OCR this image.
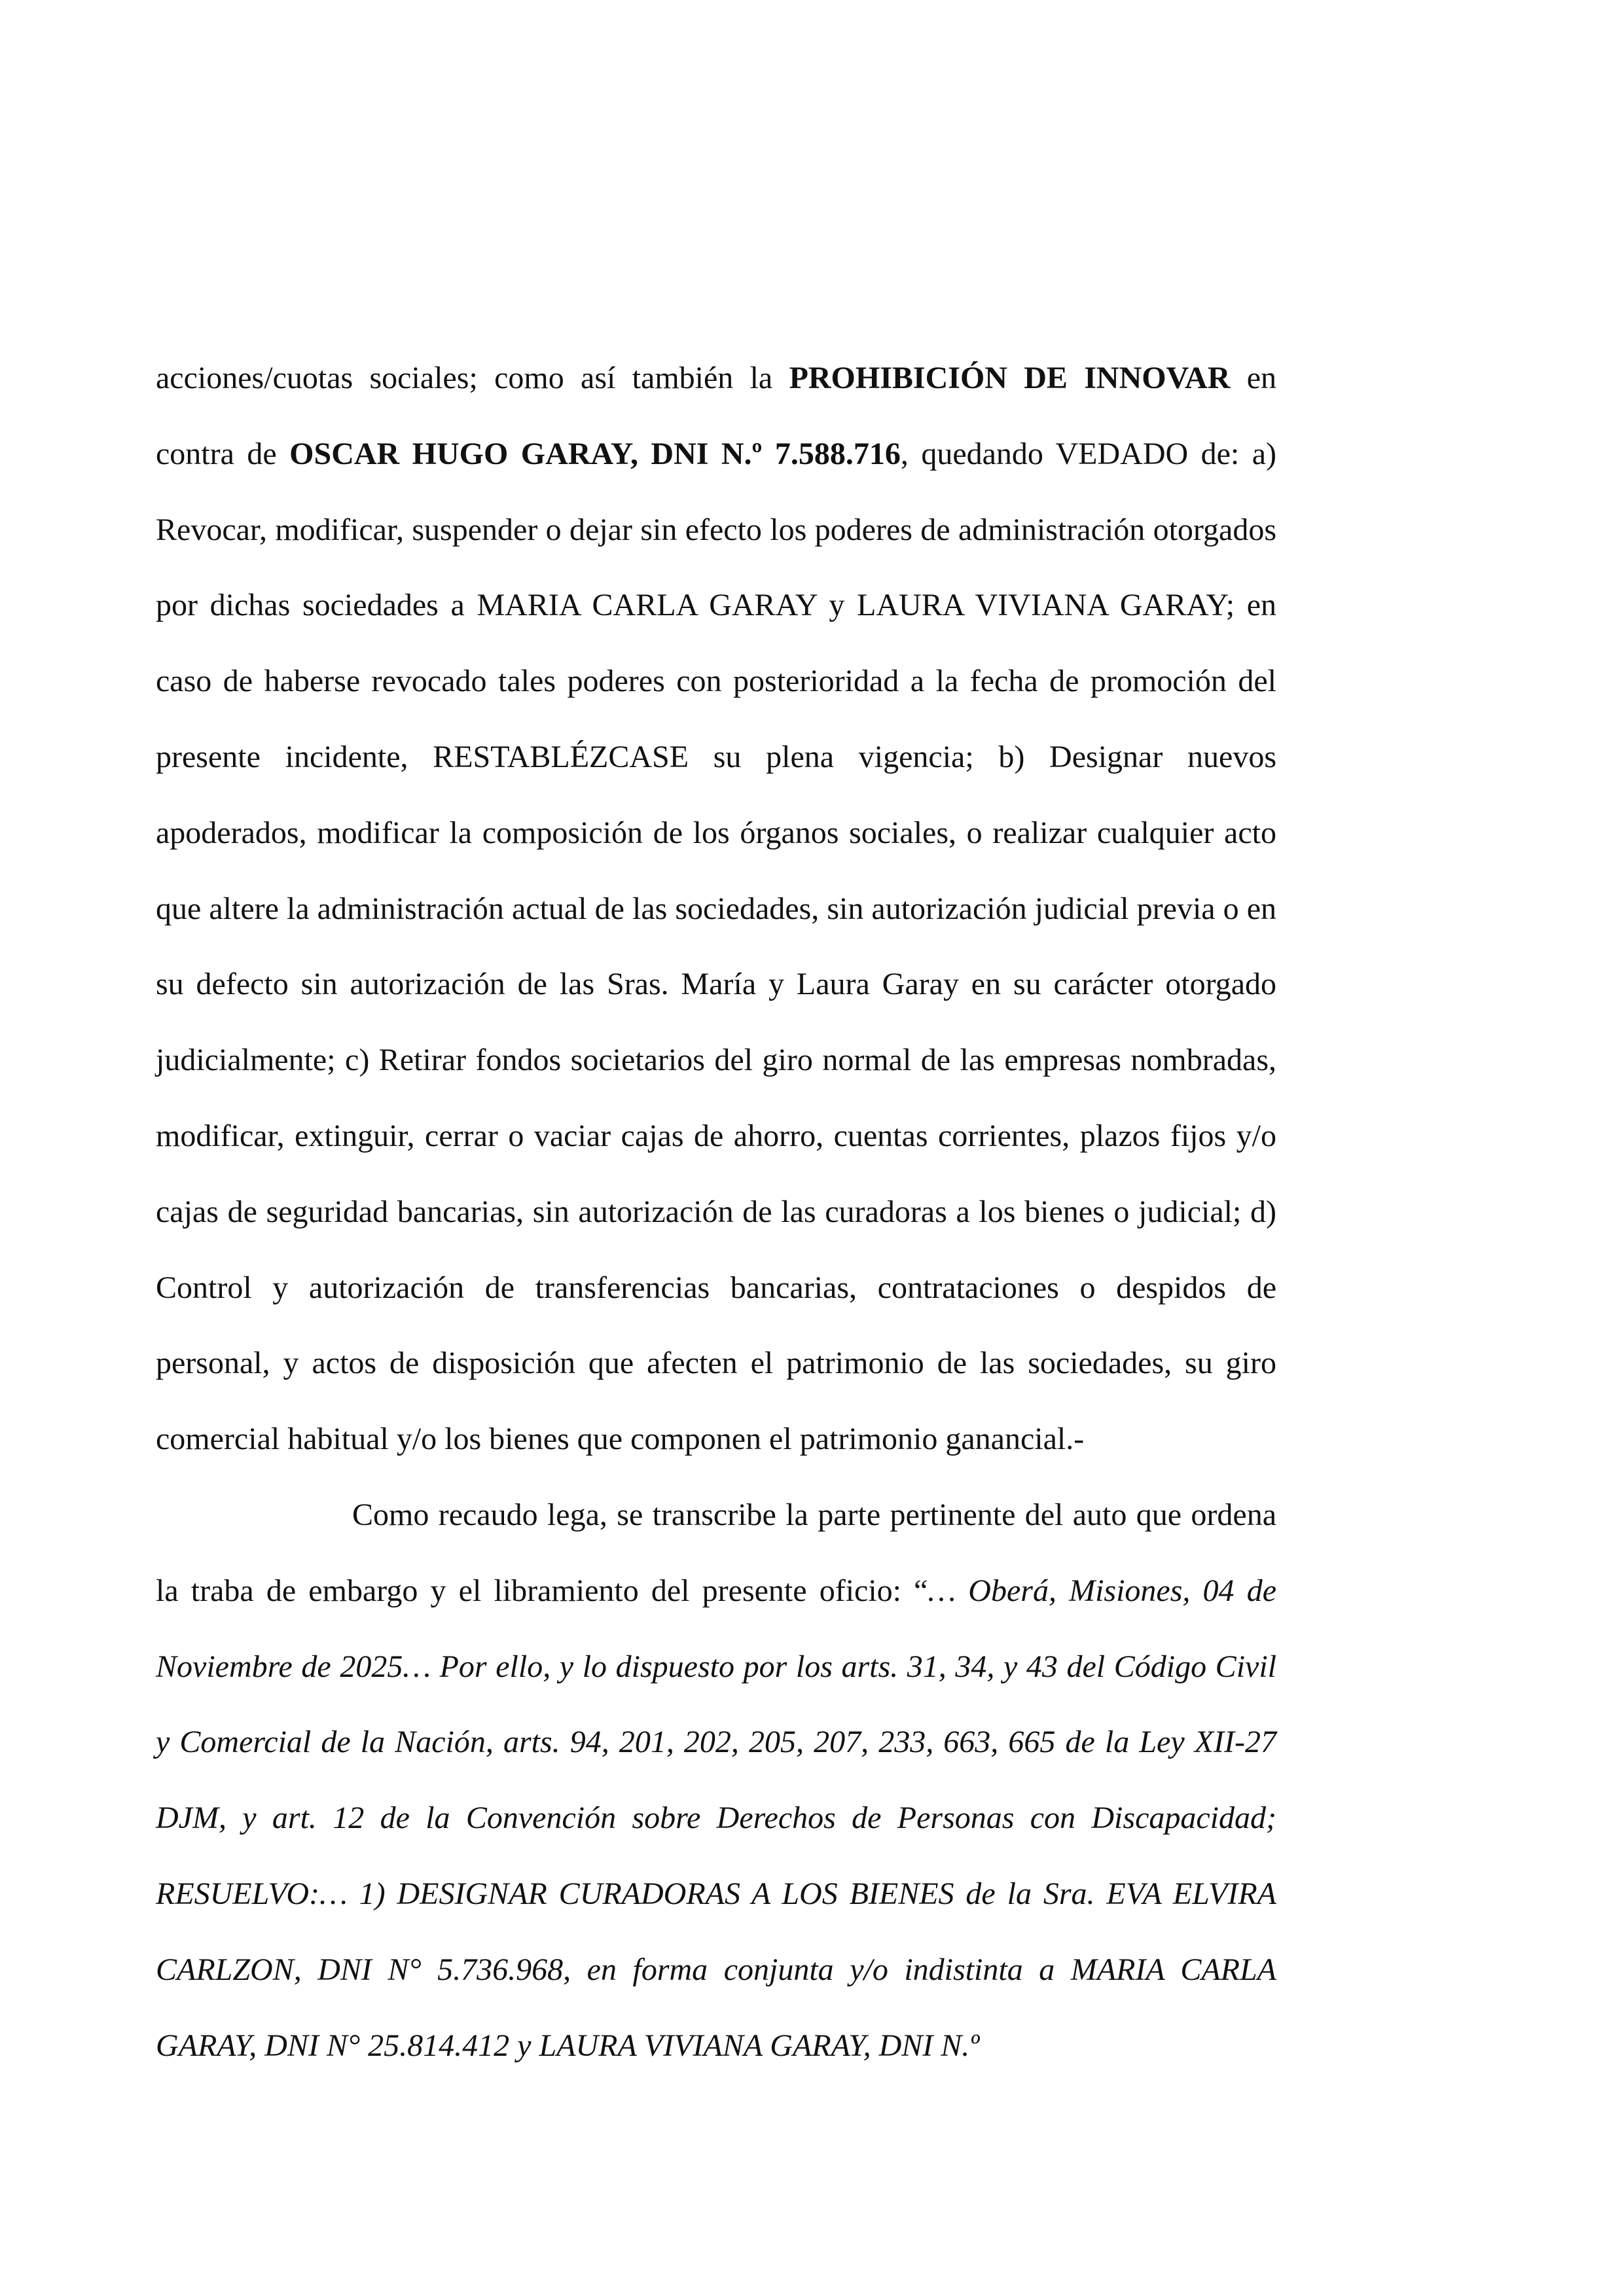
acciones/cuotas sociales; como así también la PROHIBICIÓN DE INNOVAR en contra de OSCAR HUGO GARAY, DNI N.º 7.588.716, quedando VEDADO de: a) Revocar, modificar, suspender o dejar sin efecto los poderes de administración otorgados por dichas sociedades a MARIA CARLA GARAY y LAURA VIVIANA GARAY; en caso de haberse revocado tales poderes con posterioridad a la fecha de promoción del presente incidente, RESTABLÉZCASE su plena vigencia; b) Designar nuevos apoderados, modificar la composición de los órganos sociales, o realizar cualquier acto que altere la administración actual de las sociedades, sin autorización judicial previa o en su defecto sin autorización de las Sras. María y Laura Garay en su carácter otorgado judicialmente; c) Retirar fondos societarios del giro normal de las empresas nombradas, modificar, extinguir, cerrar o vaciar cajas de ahorro, cuentas corrientes, plazos fijos y/o cajas de seguridad bancarias, sin autorización de las curadoras a los bienes o judicial; d) Control y autorización de transferencias bancarias, contrataciones o despidos de personal, y actos de disposición que afecten el patrimonio de las sociedades, su giro comercial habitual y/o los bienes que componen el patrimonio ganancial.-

Como recaudo lega, se transcribe la parte pertinente del auto que ordena la traba de embargo y el libramiento del presente oficio: “… Oberá, Misiones, 04 de Noviembre de 2025… Por ello, y lo dispuesto por los arts. 31, 34, y 43 del Código Civil y Comercial de la Nación, arts. 94, 201, 202, 205, 207, 233, 663, 665 de la Ley XII-27 DJM, y art. 12 de la Convención sobre Derechos de Personas con Discapacidad; RESUELVO:… 1) DESIGNAR CURADORAS A LOS BIENES de la Sra. EVA ELVIRA CARLZON, DNI N° 5.736.968, en forma conjunta y/o indistinta a MARIA CARLA GARAY, DNI N° 25.814.412 y LAURA VIVIANA GARAY, DNI N.º
